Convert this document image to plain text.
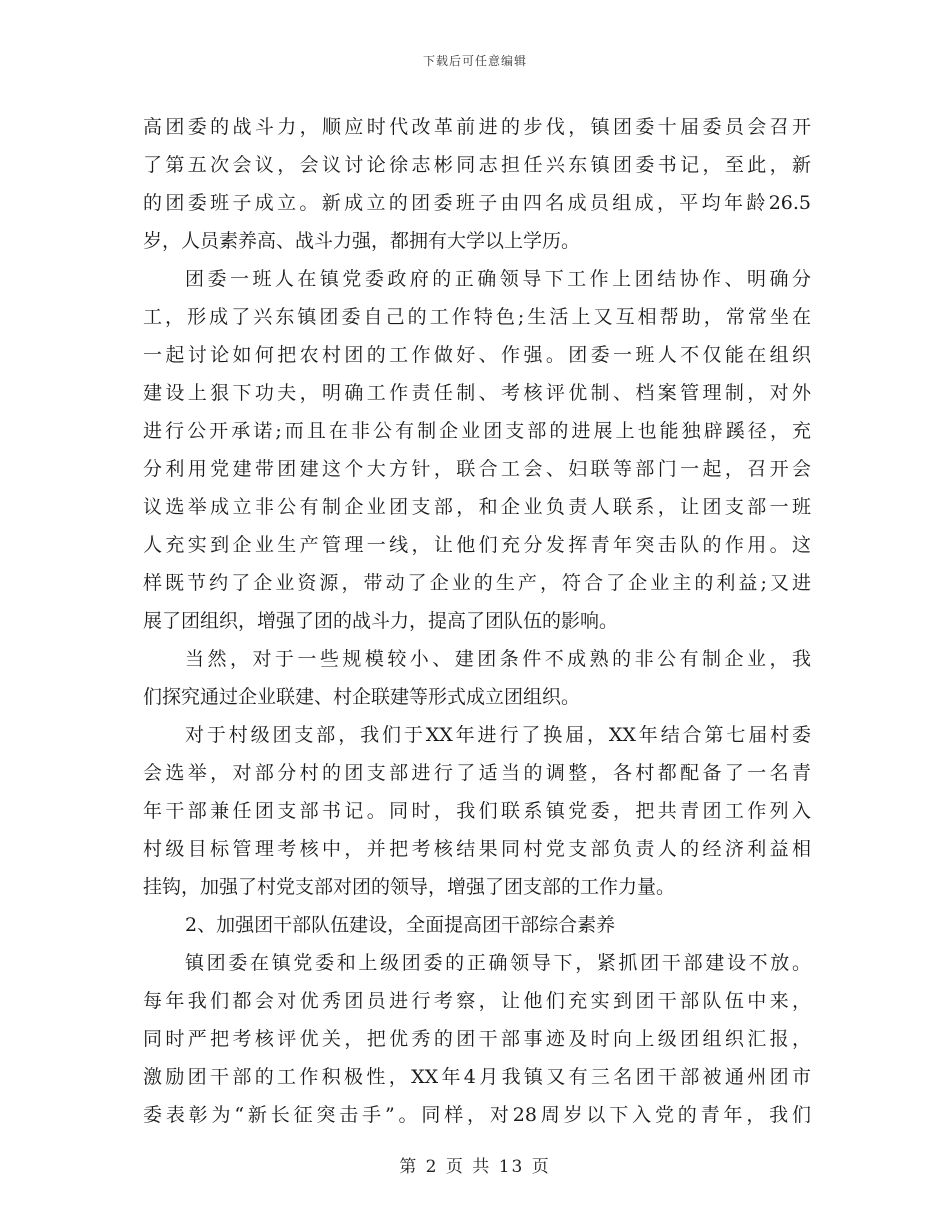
下载后可任意编辑
高团委的战斗力，顺应时代改革前进的步伐，镇团委十届委员会召开
了第五次会议，会议讨论徐志彬同志担任兴东镇团委书记，至此，新
的团委班子成立。新成立的团委班子由四名成员组成，平均年龄26.5
岁，人员素养高、战斗力强，都拥有大学以上学历。
团委一班人在镇党委政府的正确领导下工作上团结协作、明确分
工，形成了兴东镇团委自己的工作特色;生活上又互相帮助，常常坐在
一起讨论如何把农村团的工作做好、作强。团委一班人不仅能在组织
建设上狠下功夫，明确工作责任制、考核评优制、档案管理制，对外
进行公开承诺;而且在非公有制企业团支部的进展上也能独辟蹊径，充
分利用党建带团建这个大方针，联合工会、妇联等部门一起，召开会
议选举成立非公有制企业团支部，和企业负责人联系，让团支部一班
人充实到企业生产管理一线，让他们充分发挥青年突击队的作用。这
样既节约了企业资源，带动了企业的生产，符合了企业主的利益;又进
展了团组织，增强了团的战斗力，提高了团队伍的影响。
当然，对于一些规模较小、建团条件不成熟的非公有制企业，我
们探究通过企业联建、村企联建等形式成立团组织。
对于村级团支部，我们于XX年进行了换届，XX年结合第七届村委
会选举，对部分村的团支部进行了适当的调整，各村都配备了一名青
年干部兼任团支部书记。同时，我们联系镇党委，把共青团工作列入
村级目标管理考核中，并把考核结果同村党支部负责人的经济利益相
挂钩，加强了村党支部对团的领导，增强了团支部的工作力量。
2、加强团干部队伍建设，全面提高团干部综合素养
镇团委在镇党委和上级团委的正确领导下，紧抓团干部建设不放。
每年我们都会对优秀团员进行考察，让他们充实到团干部队伍中来，
同时严把考核评优关，把优秀的团干部事迹及时向上级团组织汇报，
激励团干部的工作积极性，XX年4月我镇又有三名团干部被通州团市
委表彰为“新长征突击手”。同样，对28周岁以下入党的青年，我们
第 2 页 共 13 页
